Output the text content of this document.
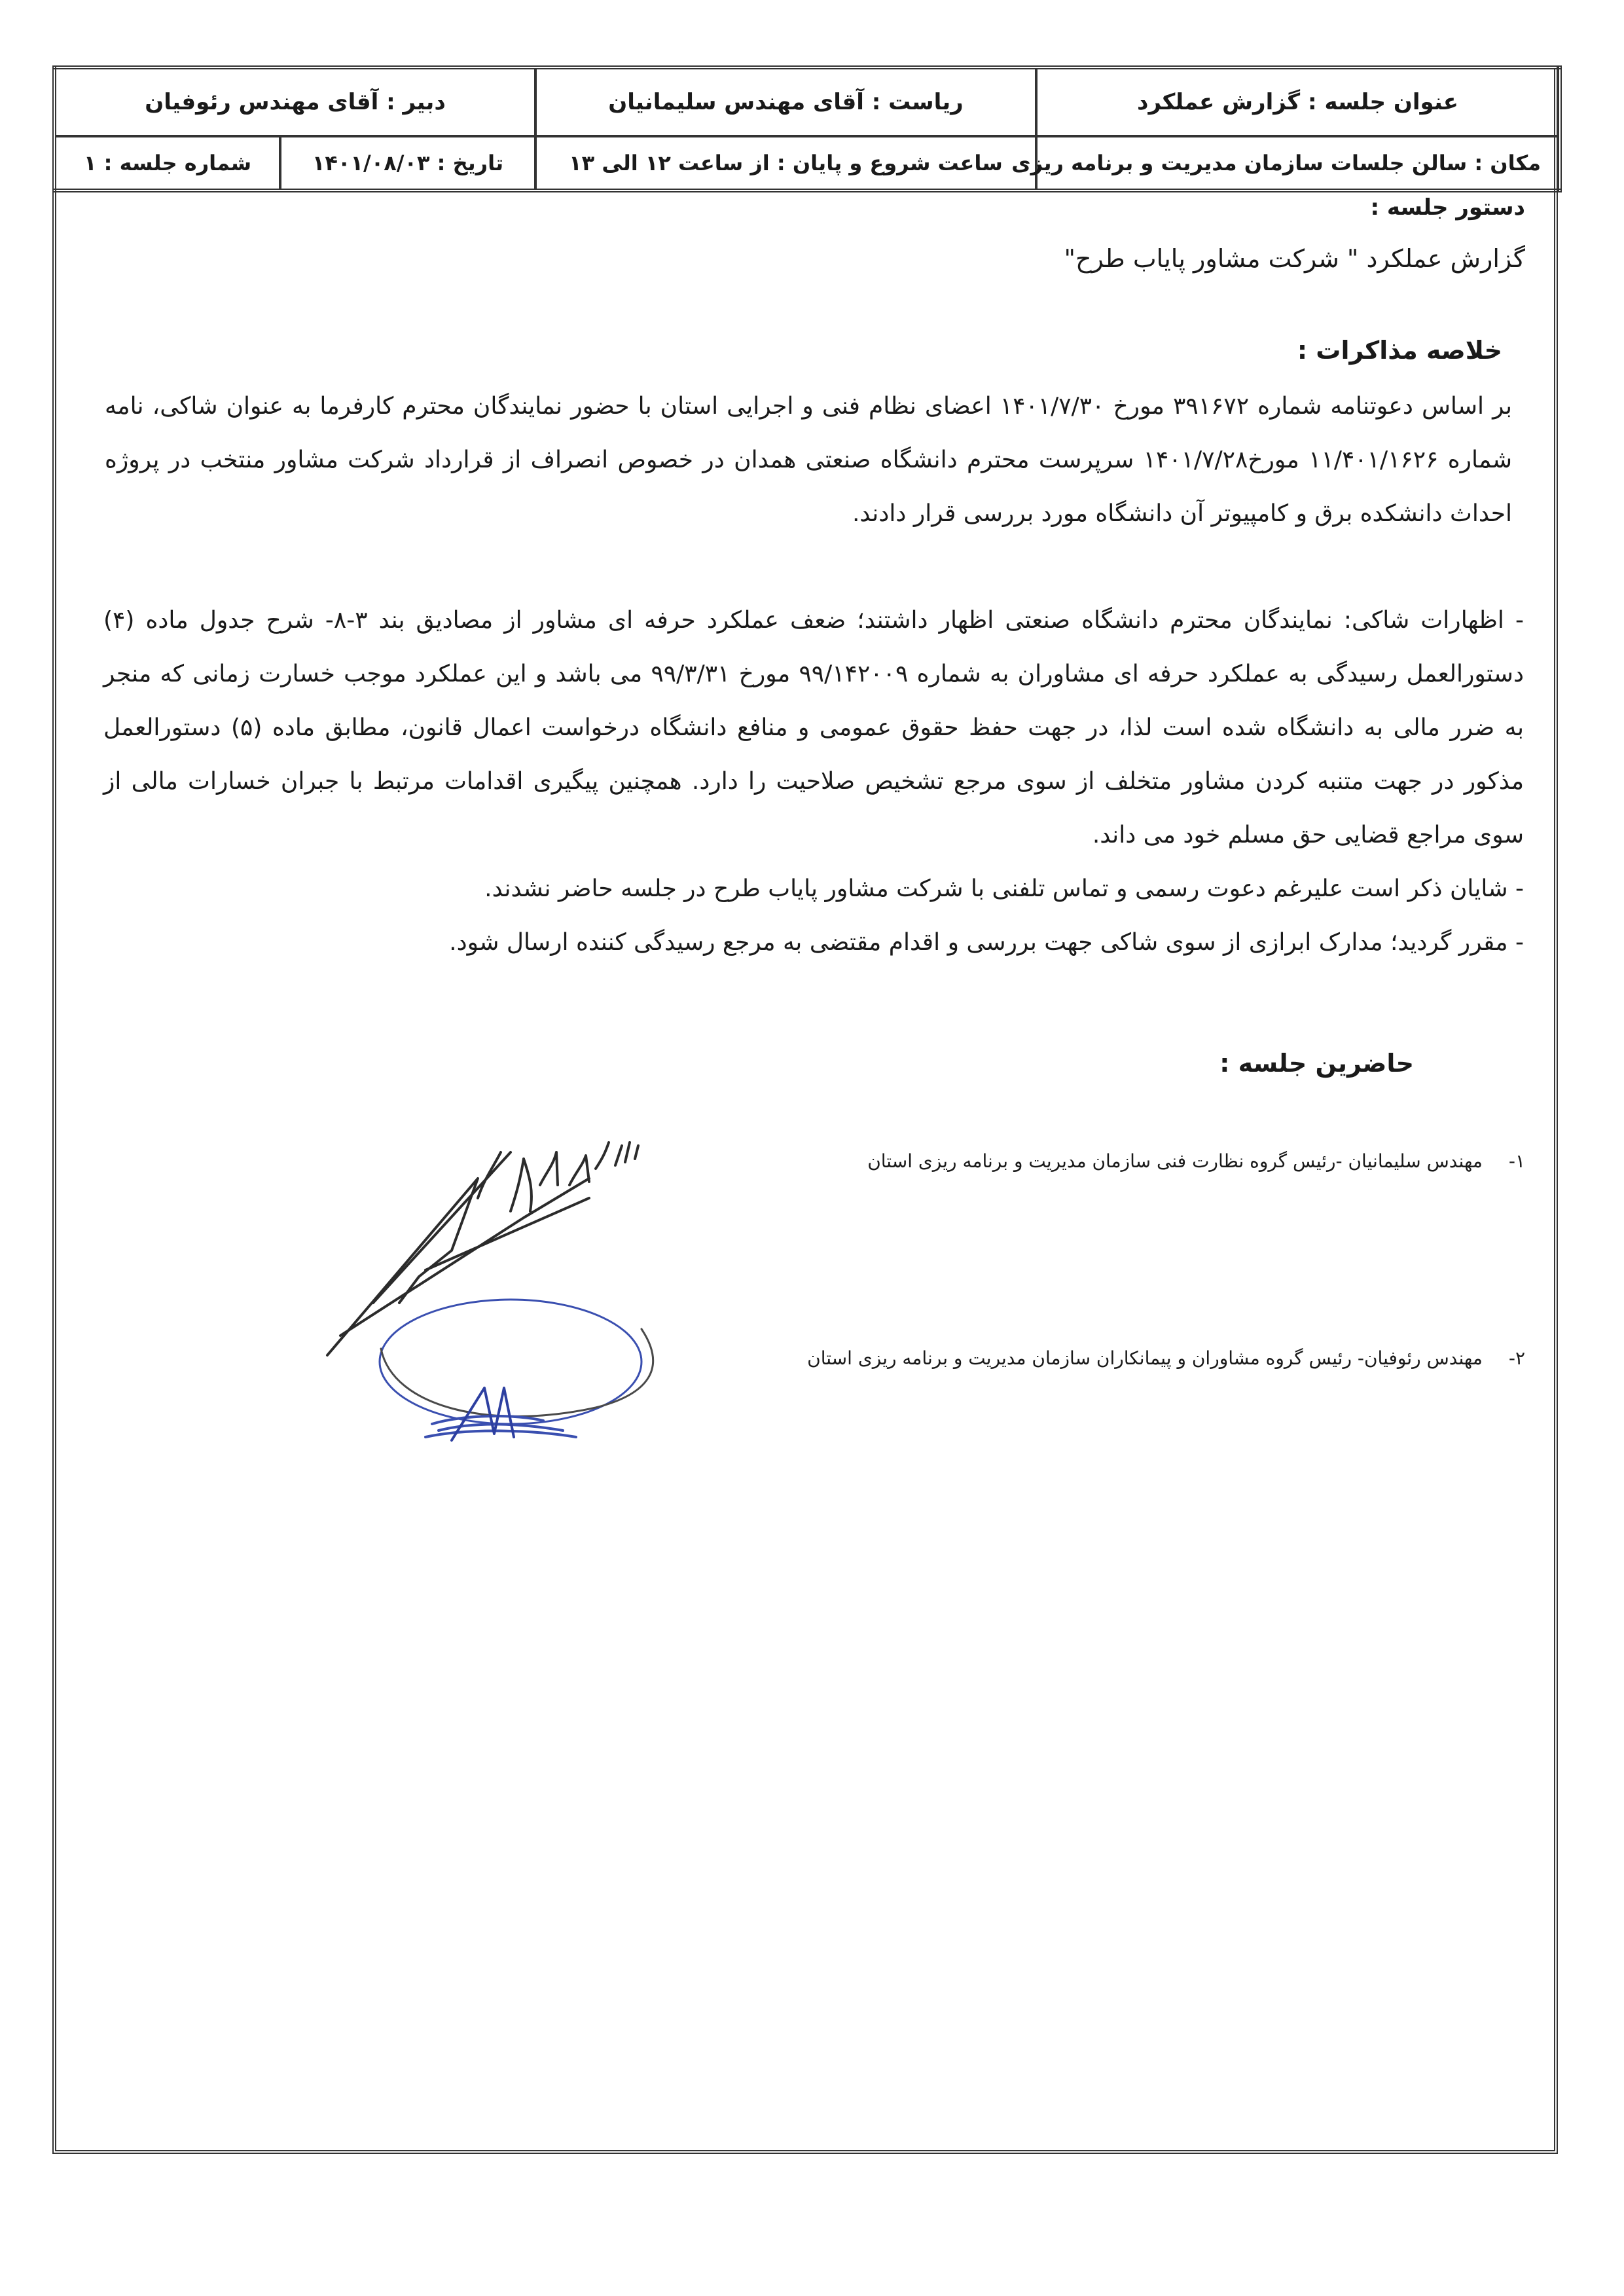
عنوان جلسه : گزارش عملکرد	ریاست : آقای مهندس سلیمانیان	دبیر : آقای مهندس رئوفیان	
مکان : سالن جلسات سازمان مدیریت و برنامه ریزی	ساعت شروع و پایان : از ساعت ۱۲ الی ۱۳	تاریخ : ۱۴۰۱/۰۸/۰۳	شماره جلسه : ۱
دستور جلسه :
گزارش عملکرد " شرکت مشاور پایاب طرح"
خلاصه مذاکرات :
بر اساس دعوتنامه شماره ۳۹۱۶۷۲ مورخ ۱۴۰۱/۷/۳۰ اعضای نظام فنی و اجرایی استان با حضور نمایندگان محترم کارفرما به عنوان شاکی، نامه شماره ۱۱/۴۰۱/۱۶۲۶ مورخ۱۴۰۱/۷/۲۸ سرپرست محترم دانشگاه صنعتی همدان در خصوص انصراف از قرارداد شرکت مشاور منتخب در پروژه احداث دانشکده برق و کامپیوتر آن دانشگاه مورد بررسی قرار دادند.

- اظهارات شاکی: نمایندگان محترم دانشگاه صنعتی اظهار داشتند؛ ضعف عملکرد حرفه ای مشاور از مصادیق بند ۳-۸- شرح جدول ماده (۴) دستورالعمل رسیدگی به عملکرد حرفه ای مشاوران به شماره ۹۹/۱۴۲۰۰۹ مورخ ۹۹/۳/۳۱ می باشد و این عملکرد موجب خسارت زمانی که منجر به ضرر مالی به دانشگاه شده است لذا، در جهت حفظ حقوق عمومی و منافع دانشگاه درخواست اعمال قانون، مطابق ماده (۵) دستورالعمل مذکور در جهت متنبه کردن مشاور متخلف از سوی مرجع تشخیص صلاحیت را دارد. همچنین پیگیری اقدامات مرتبط با جبران خسارات مالی از سوی مراجع قضایی حق مسلم خود می داند.

- شایان ذکر است علیرغم دعوت رسمی و تماس تلفنی با شرکت مشاور پایاب طرح در جلسه حاضر نشدند.

- مقرر گردید؛ مدارک ابرازی از سوی شاکی جهت بررسی و اقدام مقتضی به مرجع رسیدگی کننده ارسال شود.

حاضرین جلسه :
۱-
مهندس سلیمانیان -رئیس گروه نظارت فنی سازمان مدیریت و برنامه ریزی استان
۲-
مهندس رئوفیان- رئیس گروه مشاوران و پیمانکاران سازمان مدیریت و برنامه ریزی استان
